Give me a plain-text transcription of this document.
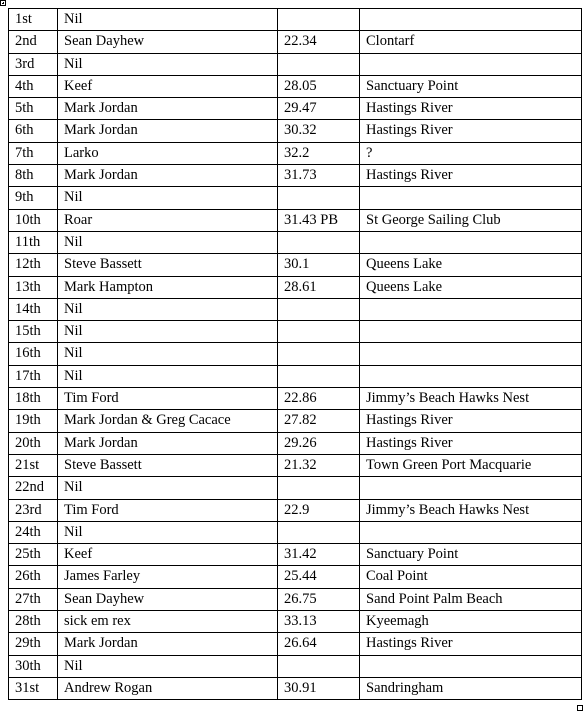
1st	Nil		
2nd	Sean Dayhew	22.34	Clontarf
3rd	Nil		
4th	Keef	28.05	Sanctuary Point
5th	Mark Jordan	29.47	Hastings River
6th	Mark Jordan	30.32	Hastings River
7th	Larko	32.2	?
8th	Mark Jordan	31.73	Hastings River
9th	Nil		
10th	Roar	31.43 PB	St George Sailing Club
11th	Nil		
12th	Steve Bassett	30.1	Queens Lake
13th	Mark Hampton	28.61	Queens Lake
14th	Nil		
15th	Nil		
16th	Nil		
17th	Nil		
18th	Tim Ford	22.86	Jimmy’s Beach Hawks Nest
19th	Mark Jordan & Greg Cacace	27.82	Hastings River
20th	Mark Jordan	29.26	Hastings River
21st	Steve Bassett	21.32	Town Green Port Macquarie
22nd	Nil		
23rd	Tim Ford	22.9	Jimmy’s Beach Hawks Nest
24th	Nil		
25th	Keef	31.42	Sanctuary Point
26th	James Farley	25.44	Coal Point
27th	Sean Dayhew	26.75	Sand Point Palm Beach
28th	sick em rex	33.13	Kyeemagh
29th	Mark Jordan	26.64	Hastings River
30th	Nil		
31st	Andrew Rogan	30.91	Sandringham
